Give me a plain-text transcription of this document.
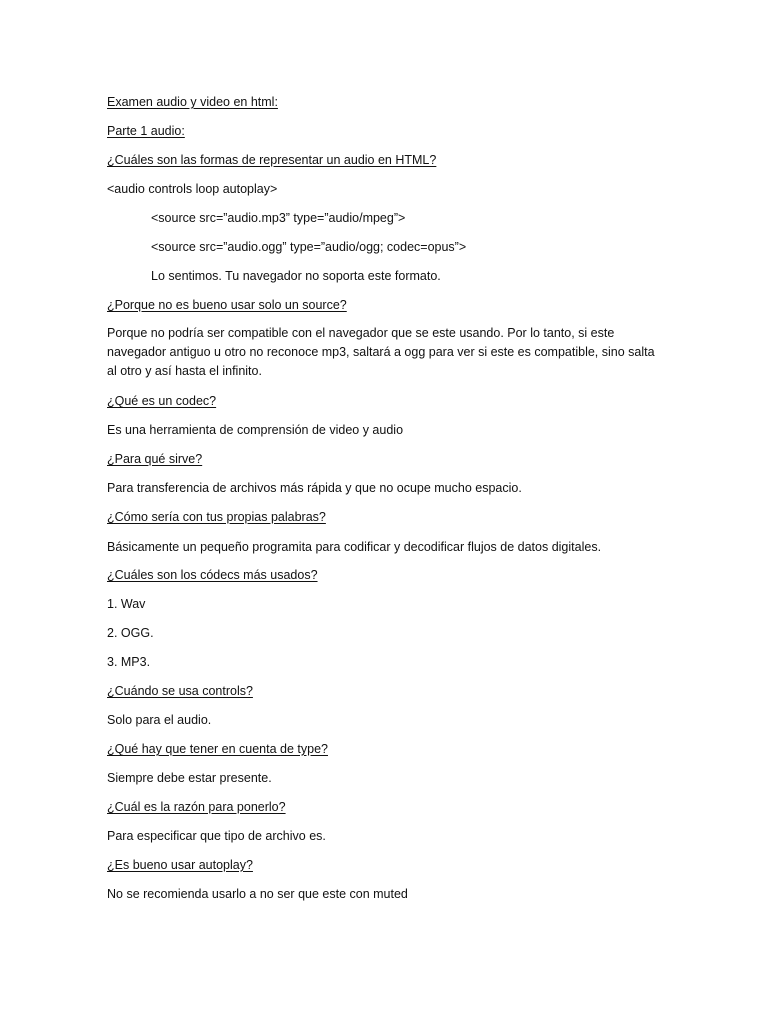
Examen audio y video en html:
Parte 1 audio:
¿Cuáles son las formas de representar un audio en HTML?
<audio controls loop autoplay>
<source src=”audio.mp3” type=”audio/mpeg”>
<source src=”audio.ogg” type=”audio/ogg; codec=opus”>
Lo sentimos. Tu navegador no soporta este formato.
¿Porque no es bueno usar solo un source?
Porque no podría ser compatible con el navegador que se este usando. Por lo tanto, si este navegador antiguo u otro no reconoce mp3, saltará a ogg para ver si este es compatible, sino salta al otro y así hasta el infinito.
¿Qué es un codec?
Es una herramienta de comprensión de video y audio
¿Para qué sirve?
Para transferencia de archivos más rápida y que no ocupe mucho espacio.
¿Cómo sería con tus propias palabras?
Básicamente un pequeño programita para codificar y decodificar flujos de datos digitales.
¿Cuáles son los códecs más usados?
1. Wav
2. OGG.
3. MP3.
¿Cuándo se usa controls?
Solo para el audio.
¿Qué hay que tener en cuenta de type?
Siempre debe estar presente.
¿Cuál es la razón para ponerlo?
Para especificar que tipo de archivo es.
¿Es bueno usar autoplay?
No se recomienda usarlo a no ser que este con muted
